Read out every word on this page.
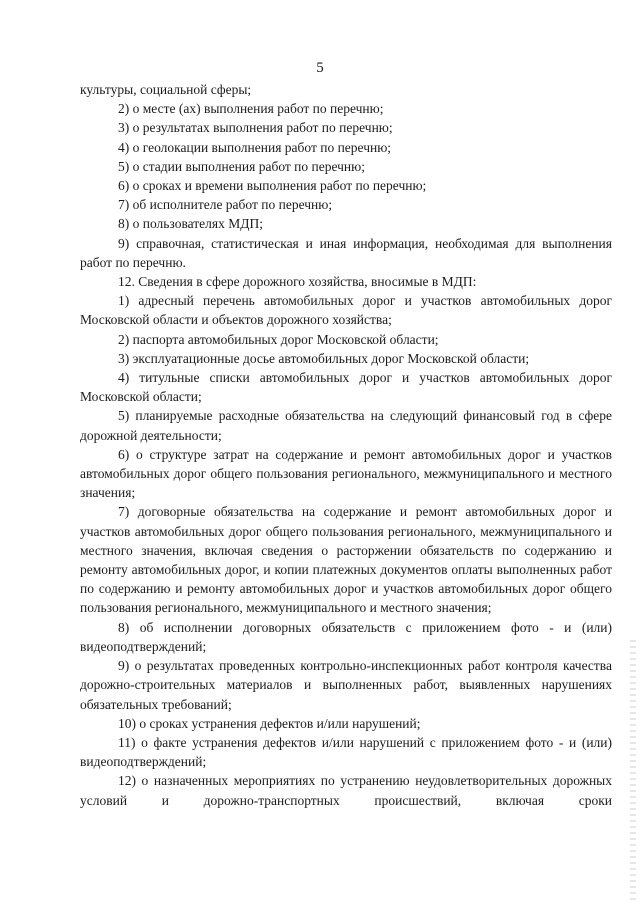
5

культуры, социальной сферы;

2) о месте (ах) выполнения работ по перечню;

3) о результатах выполнения работ по перечню;

4) о геолокации выполнения работ по перечню;

5) о стадии выполнения работ по перечню;

6) о сроках и времени выполнения работ по перечню;

7) об исполнителе работ по перечню;

8) о пользователях МДП;

9) справочная, статистическая и иная информация, необходимая для выполнения работ по перечню.

12. Сведения в сфере дорожного хозяйства, вносимые в МДП:

1) адресный перечень автомобильных дорог и участков автомобильных дорог Московской области и объектов дорожного хозяйства;

2) паспорта автомобильных дорог Московской области;

3) эксплуатационные досье автомобильных дорог Московской области;

4) титульные списки автомобильных дорог и участков автомобильных дорог Московской области;

5) планируемые расходные обязательства на следующий финансовый год в сфере дорожной деятельности;

6) о структуре затрат на содержание и ремонт автомобильных дорог и участков автомобильных дорог общего пользования регионального, межмуниципального и местного значения;

7) договорные обязательства на содержание и ремонт автомобильных дорог и участков автомобильных дорог общего пользования регионального, межмуниципального и местного значения, включая сведения о расторжении обязательств по содержанию и ремонту автомобильных дорог, и копии платежных документов оплаты выполненных работ по содержанию и ремонту автомобильных дорог и участков автомобильных дорог общего пользования регионального, межмуниципального и местного значения;

8) об исполнении договорных обязательств с приложением фото - и (или) видеоподтверждений;

9) о результатах проведенных контрольно-инспекционных работ контроля качества дорожно-строительных материалов и выполненных работ, выявленных нарушениях обязательных требований;

10) о сроках устранения дефектов и/или нарушений;

11) о факте устранения дефектов и/или нарушений с приложением фото - и (или) видеоподтверждений;

12) о назначенных мероприятиях по устранению неудовлетворительных дорожных условий и дорожно-транспортных происшествий, включая сроки
